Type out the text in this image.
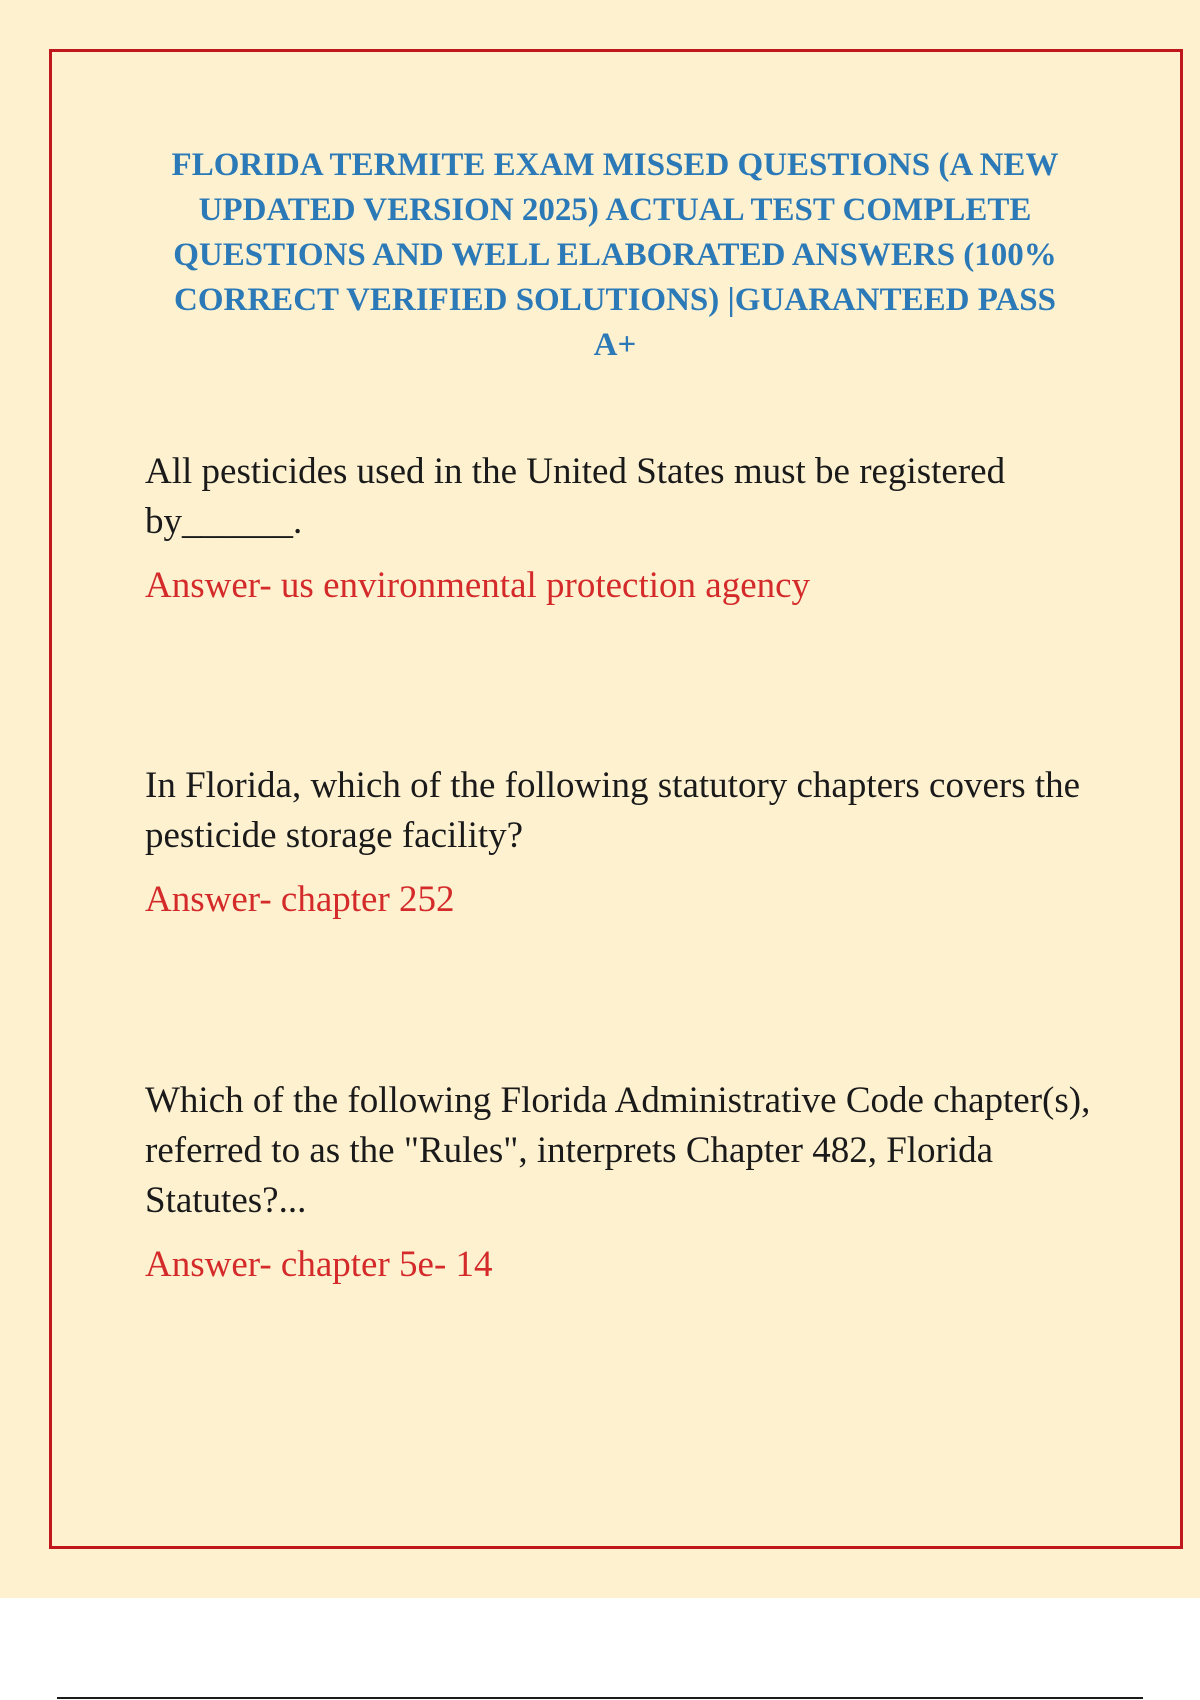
FLORIDA TERMITE EXAM MISSED QUESTIONS (A NEW UPDATED VERSION 2025) ACTUAL TEST COMPLETE QUESTIONS AND WELL ELABORATED ANSWERS (100% CORRECT VERIFIED SOLUTIONS) |GUARANTEED PASS A+

All pesticides used in the United States must be registered by______.

Answer- us environmental protection agency

In Florida, which of the following statutory chapters covers the pesticide storage facility?

Answer- chapter 252

Which of the following Florida Administrative Code chapter(s), referred to as the "Rules", interprets Chapter 482, Florida Statutes?...

Answer- chapter 5e- 14
